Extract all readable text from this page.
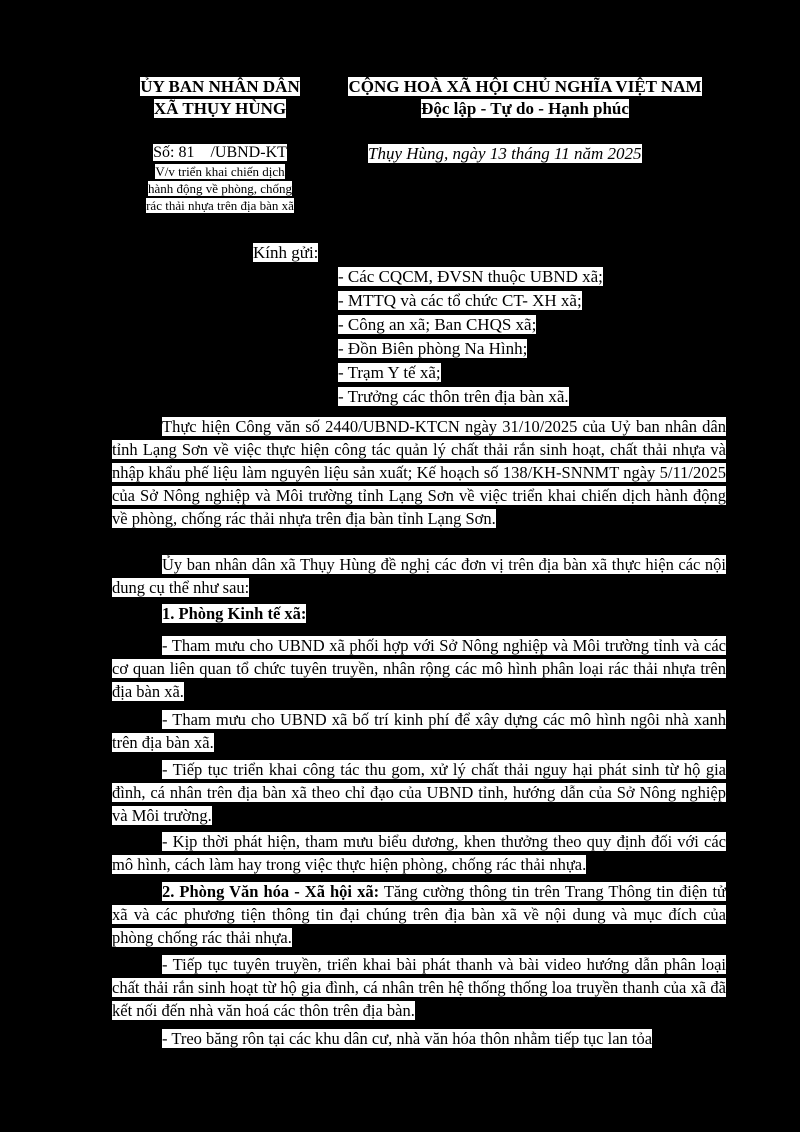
ỦY BAN NHÂN DÂN
XÃ THỤY HÙNG
CỘNG HOÀ XÃ HỘI CHỦ NGHĨA VIỆT NAM
Độc lập - Tự do - Hạnh phúc
Số: 81    /UBND-KT
V/v triển khai chiến dịch
hành động về phòng, chống
rác thải nhựa trên địa bàn xã
Thụy Hùng, ngày 13 tháng 11 năm 2025
Kính gửi:
- Các CQCM, ĐVSN thuộc UBND xã;
- MTTQ và các tổ chức CT- XH xã;
- Công an xã; Ban CHQS xã;
- Đồn Biên phòng Na Hình;
- Trạm Y tế xã;
- Trưởng các thôn trên địa bàn xã.
Thực hiện Công văn số 2440/UBND-KTCN ngày 31/10/2025 của Uỷ ban nhân dân tỉnh Lạng Sơn về việc thực hiện công tác quản lý chất thải rắn sinh hoạt, chất thải nhựa và nhập khẩu phế liệu làm nguyên liệu sản xuất; Kế hoạch số 138/KH-SNNMT ngày 5/11/2025 của Sở Nông nghiệp và Môi trường tỉnh Lạng Sơn về việc triển khai chiến dịch hành động về phòng, chống rác thải nhựa trên địa bàn tỉnh Lạng Sơn.
Ủy ban nhân dân xã Thụy Hùng đề nghị các đơn vị trên địa bàn xã thực hiện các nội dung cụ thể như sau:
1. Phòng Kinh tế xã:
- Tham mưu cho UBND xã phối hợp với Sở Nông nghiệp và Môi trường tỉnh và các cơ quan liên quan tổ chức tuyên truyền, nhân rộng các mô hình phân loại rác thải nhựa trên địa bàn xã.
- Tham mưu cho UBND xã bố trí kinh phí để xây dựng các mô hình ngôi nhà xanh trên địa bàn xã.
- Tiếp tục triển khai công tác thu gom, xử lý chất thải nguy hại phát sinh từ hộ gia đình, cá nhân trên địa bàn xã theo chỉ đạo của UBND tỉnh, hướng dẫn của Sở Nông nghiệp và Môi trường.
- Kịp thời phát hiện, tham mưu biểu dương, khen thưởng theo quy định đối với các mô hình, cách làm hay trong việc thực hiện phòng, chống rác thải nhựa.
2. Phòng Văn hóa - Xã hội xã: Tăng cường thông tin trên Trang Thông tin điện tử xã và các phương tiện thông tin đại chúng trên địa bàn xã về nội dung và mục đích của phòng chống rác thải nhựa.
- Tiếp tục tuyên truyền, triển khai bài phát thanh và bài video hướng dẫn phân loại chất thải rắn sinh hoạt từ hộ gia đình, cá nhân trên hệ thống thống loa truyền thanh của xã đã kết nối đến nhà văn hoá các thôn trên địa bàn.
- Treo băng rôn tại các khu dân cư, nhà văn hóa thôn nhằm tiếp tục lan tỏa
